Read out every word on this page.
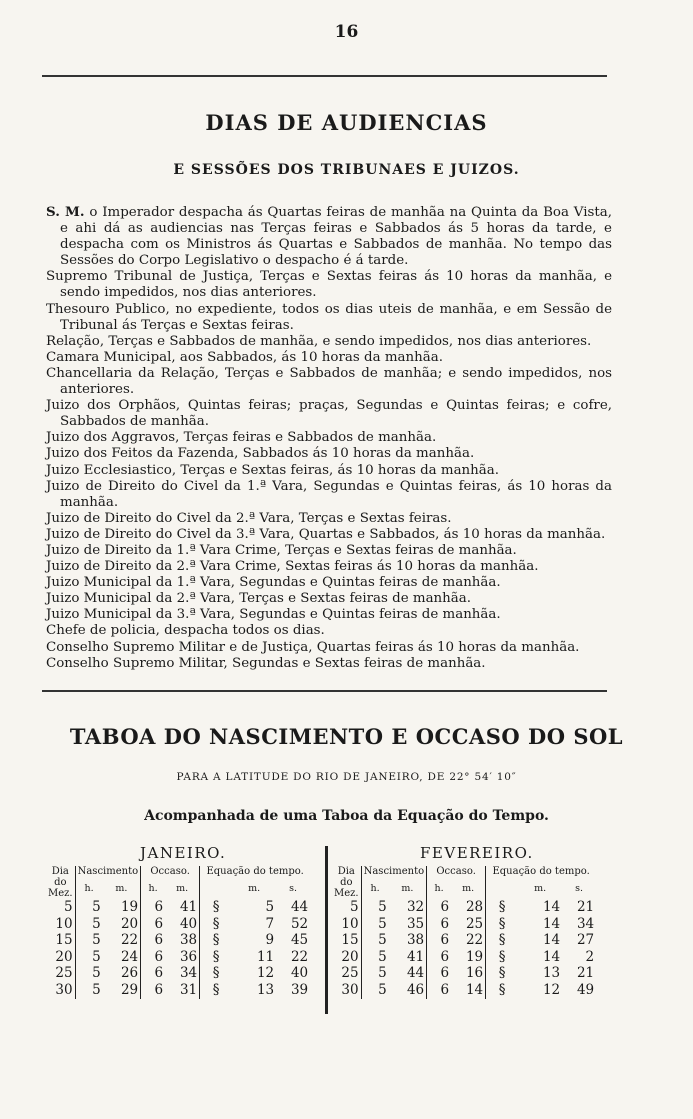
16
DIAS DE AUDIENCIAS
E SESSÕES DOS TRIBUNAES E JUIZOS.

S. M. o Imperador despacha ás Quartas feiras de manhãa na Quinta da Boa Vista, e ahi dá as audiencias nas Terças feiras e Sabbados ás 5 horas da tarde, e despacha com os Ministros ás Quartas e Sabbados de manhãa. No tempo das Sessões do Corpo Legislativo o despacho é á tarde.

Supremo Tribunal de Justiça, Terças e Sextas feiras ás 10 horas da manhãa, e sendo impedidos, nos dias anteriores.

Thesouro Publico, no expediente, todos os dias uteis de manhãa, e em Sessão de Tribunal ás Terças e Sextas feiras.

Relação, Terças e Sabbados de manhãa, e sendo impedidos, nos dias anteriores.

Camara Municipal, aos Sabbados, ás 10 horas da manhãa.

Chancellaria da Relação, Terças e Sabbados de manhãa; e sendo impedidos, nos anteriores.

Juizo dos Orphãos, Quintas feiras; praças, Segundas e Quintas feiras; e cofre, Sabbados de manhãa.

Juizo dos Aggravos, Terças feiras e Sabbados de manhãa.

Juizo dos Feitos da Fazenda, Sabbados ás 10 horas da manhãa.

Juizo Ecclesiastico, Terças e Sextas feiras, ás 10 horas da manhãa.

Juizo de Direito do Civel da 1.ª Vara, Segundas e Quintas feiras, ás 10 horas da manhãa.

Juizo de Direito do Civel da 2.ª Vara, Terças e Sextas feiras.

Juizo de Direito do Civel da 3.ª Vara, Quartas e Sabbados, ás 10 horas da manhãa.

Juizo de Direito da 1.ª Vara Crime, Terças e Sextas feiras de manhãa.

Juizo de Direito da 2.ª Vara Crime, Sextas feiras ás 10 horas da manhãa.

Juizo Municipal da 1.ª Vara, Segundas e Quintas feiras de manhãa.

Juizo Municipal da 2.ª Vara, Terças e Sextas feiras de manhãa.

Juizo Municipal da 3.ª Vara, Segundas e Quintas feiras de manhãa.

Chefe de policia, despacha todos os dias.

Conselho Supremo Militar e de Justiça, Quartas feiras ás 10 horas da manhãa.

Conselho Supremo Militar, Segundas e Sextas feiras de manhãa.

TABOA DO NASCIMENTO E OCCASO DO SOL
PARA A LATITUDE DO RIO DE JANEIRO, DE 22° 54′ 10″
Acompanhada de uma Taboa da Equação do Tempo.
JANEIRO.	FEVEREIRO.
Dia do Mez.	Nascimento		Occaso.		Equação do tempo.		
	h.	m.	h.	m.		m.	s.
5	5	19	6	41	§	5	44
10	5	20	6	40	§	7	52
15	5	22	6	38	§	9	45
20	5	24	6	36	§	11	22
25	5	26	6	34	§	12	40
30	5	29	6	31	§	13	39
Dia do Mez.	Nascimento		Occaso.		Equação do tempo.		
	h.	m.	h.	m.		m.	s.
5	5	32	6	28	§	14	21
10	5	35	6	25	§	14	34
15	5	38	6	22	§	14	27
20	5	41	6	19	§	14	2
25	5	44	6	16	§	13	21
30	5	46	6	14	§	12	49
